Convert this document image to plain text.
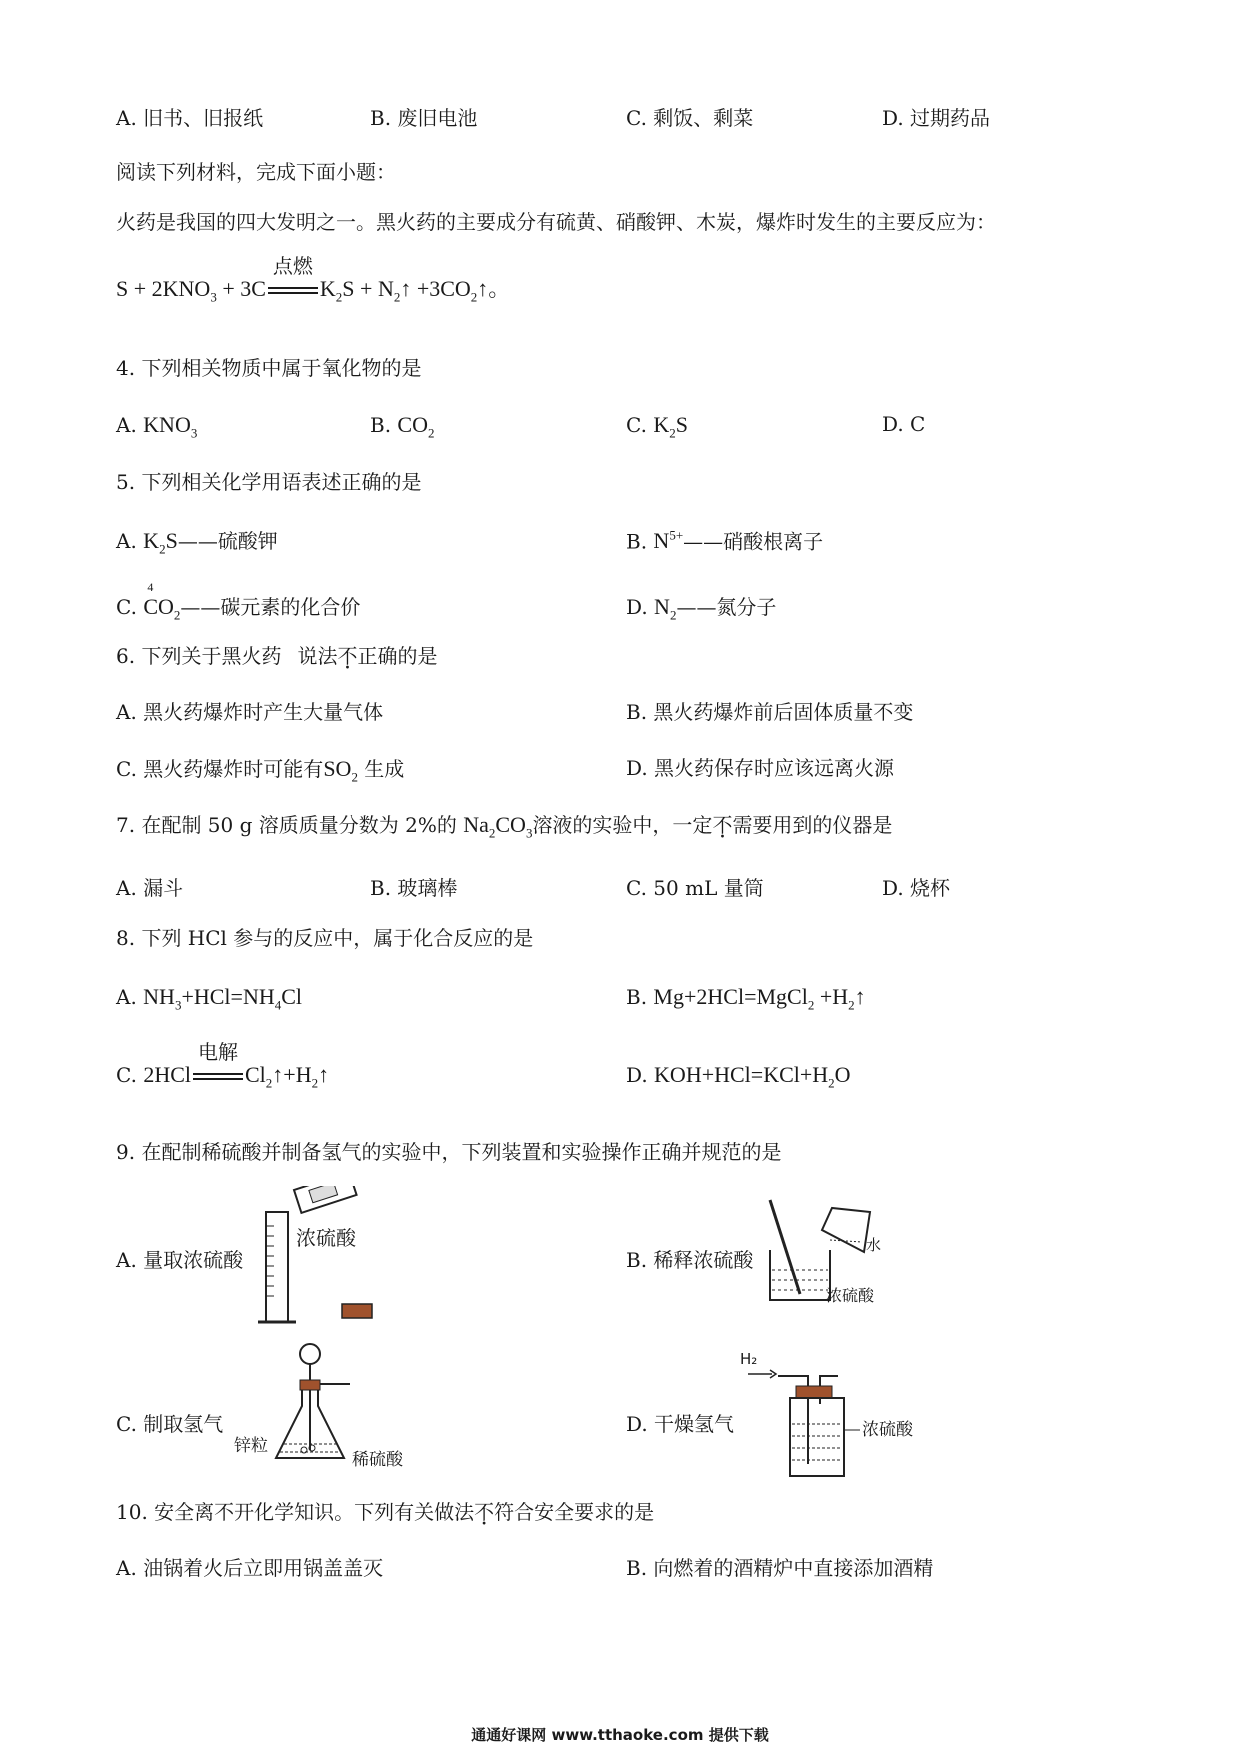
A. 旧书、旧报纸	B. 废旧电池	C. 剩饭、剩菜	D. 过期药品
阅读下列材料，完成下面小题：
火药是我国的四大发明之一。黑火药的主要成分有硫黄、硝酸钾、木炭，爆炸时发生的主要反应为：
$S + 2KNO_3 + 3C$
点燃
$K_2S$ + $N_2↑$ $+3CO_2↑$。
4. 下列相关物质中属于氧化物的是
A. $KNO_3$	B. $CO_2$	C. $K_2S$	D. C
5. 下列相关化学用语表述正确的是
A. $K_2S——$硫酸钾	B. $N^{5+}——$硝酸根离子
C.
4
$CO_2——$碳元素的化合价	D. $N_2——$氮分子
6. 下列关于黑火药 说法不正确的是
A. 黑火药爆炸时产生大量气体	B. 黑火药爆炸前后固体质量不变
C. 黑火药爆炸时可能有$SO_2$ 生成	D. 黑火药保存时应该远离火源
7. 在配制 50 g 溶质质量分数为 2%的 $Na_2CO_3$溶液的实验中，一定不需要用到的仪器是
A. 漏斗	B. 玻璃棒	C. 50 mL 量筒	D. 烧杯
8. 下列 HCl 参与的反应中，属于化合反应的是
A. $NH_3+HCl=NH_4Cl$	B. Mg+2HCl=MgCl$_2$ $+H_2↑$
C. 2HCl
电解
$Cl_2↑+H_2↑$	D. $KOH+HCl=KCl+H_2O$
9. 在配制稀硫酸并制备氢气的实验中，下列装置和实验操作正确并规范的是
A. 量取浓硫酸	B. 稀释浓硫酸
C. 制取氢气	D. 干燥氢气
浓硫酸	水
浓硫酸
锌粒
稀硫酸
H₂
浓硫酸
10. 安全离不开化学知识。下列有关做法不符合安全要求的是
A. 油锅着火后立即用锅盖盖灭	B. 向燃着的酒精炉中直接添加酒精
通通好课网 www.tthaoke.com 提供下载
